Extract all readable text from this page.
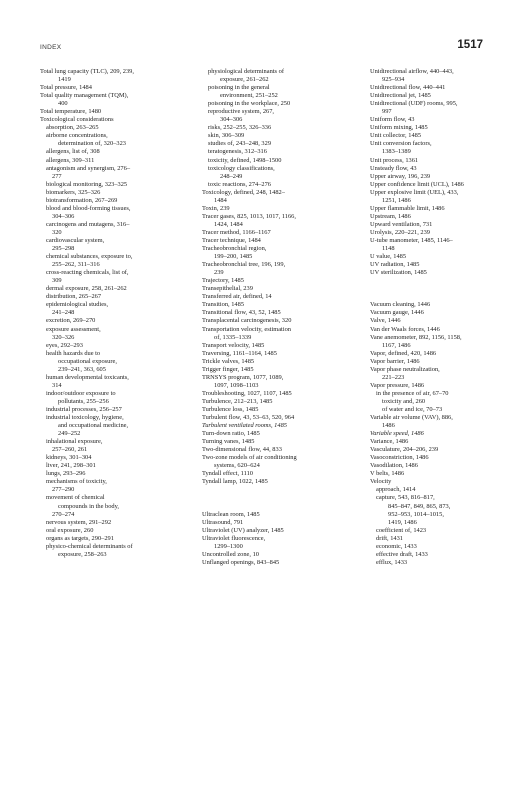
INDEX	1517
Total lung capacity (TLC), 209, 239,
1419
Total pressure, 1484
Total quality management (TQM),
400
Total temperature, 1480
Toxicological considerations
absorption, 263–265
airborne concentrations,
determination of, 320–323
allergens, list of, 308
allergens, 309–311
antagonism and synergism, 276–
277
biological monitoring, 323–325
biomarkers, 325–326
biotransformation, 267–269
blood and blood-forming tissues,
304–306
carcinogens and mutagens, 316–
320
cardiovascular system,
295–298
chemical substances, exposure to,
255–262, 311–316
cross-reacting chemicals, list of,
309
dermal exposure, 258, 261–262
distribution, 265–267
epidemiological studies,
241–248
excretion, 269–270
exposure assessment,
320–326
eyes, 292–293
health hazards due to
occupational exposure,
239–241, 363, 605
human developmental toxicants,
314
indoor/outdoor exposure to
pollutants, 255–256
industrial processes, 256–257
industrial toxicology, hygiene,
and occupational medicine,
249–252
inhalational exposure,
257–260, 261
kidneys, 301–304
liver, 241, 298–301
lungs, 293–296
mechanisms of toxicity,
277–290
movement of chemical
compounds in the body,
270–274
nervous system, 291–292
oral exposure, 260
organs as targets, 290–291
physico-chemical determinants of
exposure, 258–263
physiological determinants of
exposure, 261–262
poisoning in the general
environment, 251–252
poisoning in the workplace, 250
reproductive system, 267,
304–306
risks, 252–255, 326–336
skin, 306–309
studies of, 243–248, 329
teratogenesis, 312–316
toxicity, defined, 1498–1500
toxicology classifications,
248–249
toxic reactions, 274–276
Toxicology, defined, 248, 1482–
1484
Toxin, 239
Tracer gases, 825, 1013, 1017, 1166,
1424, 1484
Tracer method, 1166–1167
Tracer technique, 1484
Tracheobronchial region,
199–200, 1485
Tracheobronchial tree, 196, 199,
239
Trajectory, 1485
Transepithelial, 239
Transferred air, defined, 14
Transition, 1485
Transitional flow, 43, 52, 1485
Transplacental carcinogenesis, 320
Transportation velocity, estimation
of, 1335–1339
Transport velocity, 1485
Traversing, 1161–1164, 1485
Trickle valves, 1485
Trigger finger, 1485
TRNSYS program, 1077, 1089,
1097, 1098–1103
Troubleshooting, 1027, 1107, 1485
Turbulence, 212–213, 1485
Turbulence loss, 1485
Turbulent flow, 43, 53–63, 520, 964
Turbulent ventilated rooms, 1485
Turn-down ratio, 1485
Turning vanes, 1485
Two-dimensional flow, 44, 833
Two-zone models of air conditioning
systems, 620–624
Tyndall effect, 1110
Tyndall lamp, 1022, 1485

Ultraclean room, 1485
Ultrasound, 791
Ultraviolet (UV) analyzer, 1485
Ultraviolet fluorescence,
1299–1300
Uncontrolled zone, 10
Unflanged openings, 843–845
Unidirectional airflow, 440–443,
925–934
Unidirectional flow, 440–441
Unidirectional jet, 1485
Unidirectional (UDF) rooms, 995,
997
Uniform flow, 43
Uniform mixing, 1485
Unit collector, 1485
Unit conversion factors,
1383–1389
Unit process, 1361
Unsteady flow, 43
Upper airway, 196, 239
Upper confidence limit (UCL), 1486
Upper explosive limit (UEL), 433,
1251, 1486
Upper flammable limit, 1486
Upstream, 1486
Upward ventilation, 731
Urolysis, 220–221, 239
U-tube manometer, 1485, 1146–
1148
U value, 1485
UV radiation, 1485
UV sterilization, 1485

Vacuum cleaning, 1446
Vacuum gauge, 1446
Valve, 1446
Van der Waals forces, 1446
Vane anemometer, 892, 1156, 1158,
1167, 1486
Vapor, defined, 420, 1486
Vapor barrier, 1486
Vapor phase neutralization,
221–223
Vapor pressure, 1486
in the presence of air, 67–70
toxicity and, 260
of water and ice, 70–73
Variable air volume (VAV), 886,
1486
Variable speed, 1486
Variance, 1486
Vasculature, 204–206, 239
Vasoconstriction, 1486
Vasodilation, 1486
V belts, 1486
Velocity
approach, 1414
capture, 543, 816–817,
845–847, 849, 865, 873,
952–953, 1014–1015,
1419, 1486
coefficient of, 1423
drift, 1431
economic, 1433
effective draft, 1433
efflux, 1433
